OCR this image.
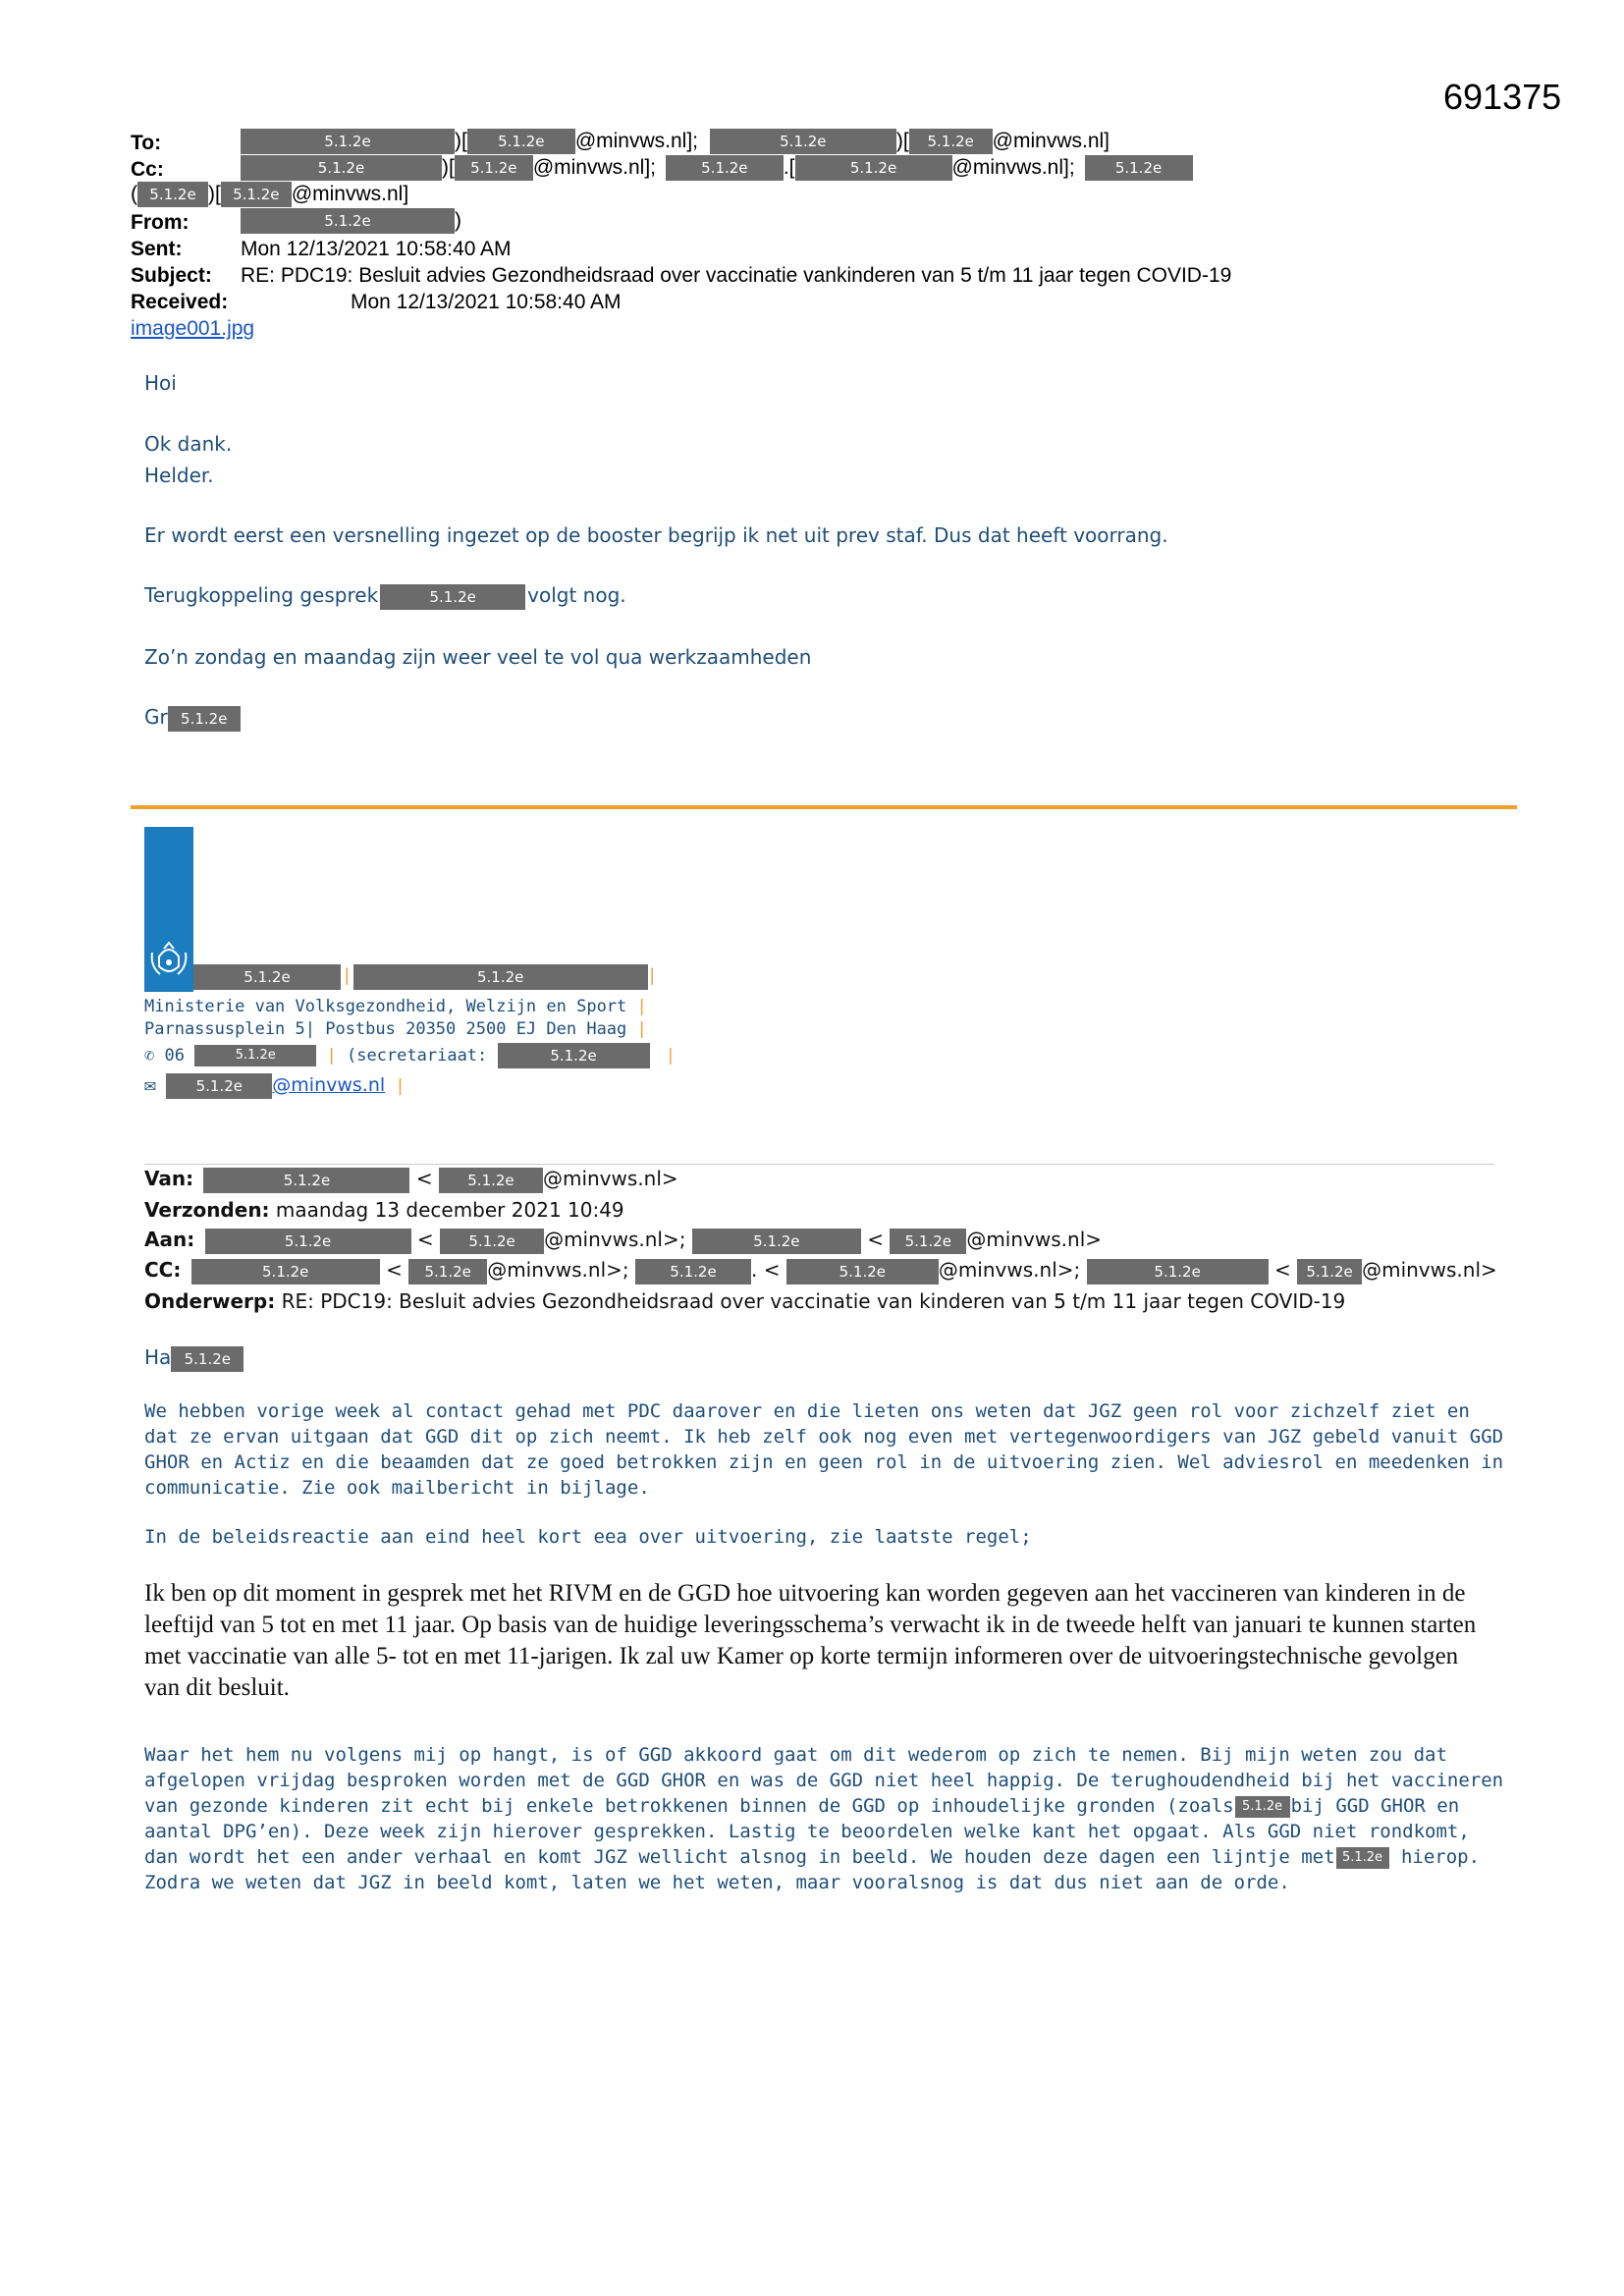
691375
To:	5.1.2e	)[ 5.1.2e @minvws.nl];	5.1.2e	)[ 5.1.2e @minvws.nl]
Cc:	5.1.2e	)[ 5.1.2e @minvws.nl];	5.1.2e .[	5.1.2e	@minvws.nl];	5.1.2e
( 5.1.2e )[ 5.1.2e @minvws.nl]
From:	5.1.2e	)
Sent:	Mon 12/13/2021 10:58:40 AM
Subject: RE: PDC19: Besluit advies Gezondheidsraad over vaccinatie vankinderen van 5 t/m 11 jaar tegen COVID-19
Received:	Mon 12/13/2021 10:58:40 AM
image001.jpg
Hoi
Ok dank.
Helder.
Er wordt eerst een versnelling ingezet op de booster begrijp ik net uit prev staf. Dus dat heeft voorrang.
Terugkoppeling gesprek	5.1.2e	volgt nog.
Zo’n zondag en maandag zijn weer veel te vol qua werkzaamheden
Gr 5.1.2e
5.1.2e	|	5.1.2e	|
Ministerie van Volksgezondheid, Welzijn en Sport |
Parnassusplein 5| Postbus 20350 2500 EJ Den Haag |
✆ 06	5.1.2e	| (secretariaat:	5.1.2e	|
✉	5.1.2e @minvws.nl |
Van:	5.1.2e	< 5.1.2e @minvws.nl>
Verzonden: maandag 13 december 2021 10:49
Aan:	5.1.2e	< 5.1.2e @minvws.nl>;	5.1.2e	< 5.1.2e @minvws.nl>
CC:	5.1.2e	< 5.1.2e @minvws.nl>;	5.1.2e . <	5.1.2e	@minvws.nl>;	5.1.2e	< 5.1.2e @minvws.nl>
Onderwerp: RE: PDC19: Besluit advies Gezondheidsraad over vaccinatie van kinderen van 5 t/m 11 jaar tegen COVID-19
Ha 5.1.2e
We hebben vorige week al contact gehad met PDC daarover en die lieten ons weten dat JGZ geen rol voor zichzelf ziet en dat ze ervan uitgaan dat GGD dit op zich neemt. Ik heb zelf ook nog even met vertegenwoordigers van JGZ gebeld vanuit GGD GHOR en Actiz en die beaamden dat ze goed betrokken zijn en geen rol in de uitvoering zien. Wel adviesrol en meedenken in communicatie. Zie ook mailbericht in bijlage.
In de beleidsreactie aan eind heel kort eea over uitvoering, zie laatste regel;
Ik ben op dit moment in gesprek met het RIVM en de GGD hoe uitvoering kan worden gegeven aan het vaccineren van kinderen in de leeftijd van 5 tot en met 11 jaar. Op basis van de huidige leveringsschema’s verwacht ik in de tweede helft van januari te kunnen starten met vaccinatie van alle 5- tot en met 11-jarigen. Ik zal uw Kamer op korte termijn informeren over de uitvoeringstechnische gevolgen van dit besluit.
Waar het hem nu volgens mij op hangt, is of GGD akkoord gaat om dit wederom op zich te nemen. Bij mijn weten zou dat afgelopen vrijdag besproken worden met de GGD GHOR en was de GGD niet heel happig. De terughoudendheid bij het vaccineren van gezonde kinderen zit echt bij enkele betrokkenen binnen de GGD op inhoudelijke gronden (zoals 5.1.2e bij GGD GHOR en aantal DPG’en). Deze week zijn hierover gesprekken. Lastig te beoordelen welke kant het opgaat. Als GGD niet rondkomt, dan wordt het een ander verhaal en komt JGZ wellicht alsnog in beeld. We houden deze dagen een lijntje met 5.1.2e hierop. Zodra we weten dat JGZ in beeld komt, laten we het weten, maar vooralsnog is dat dus niet aan de orde.
